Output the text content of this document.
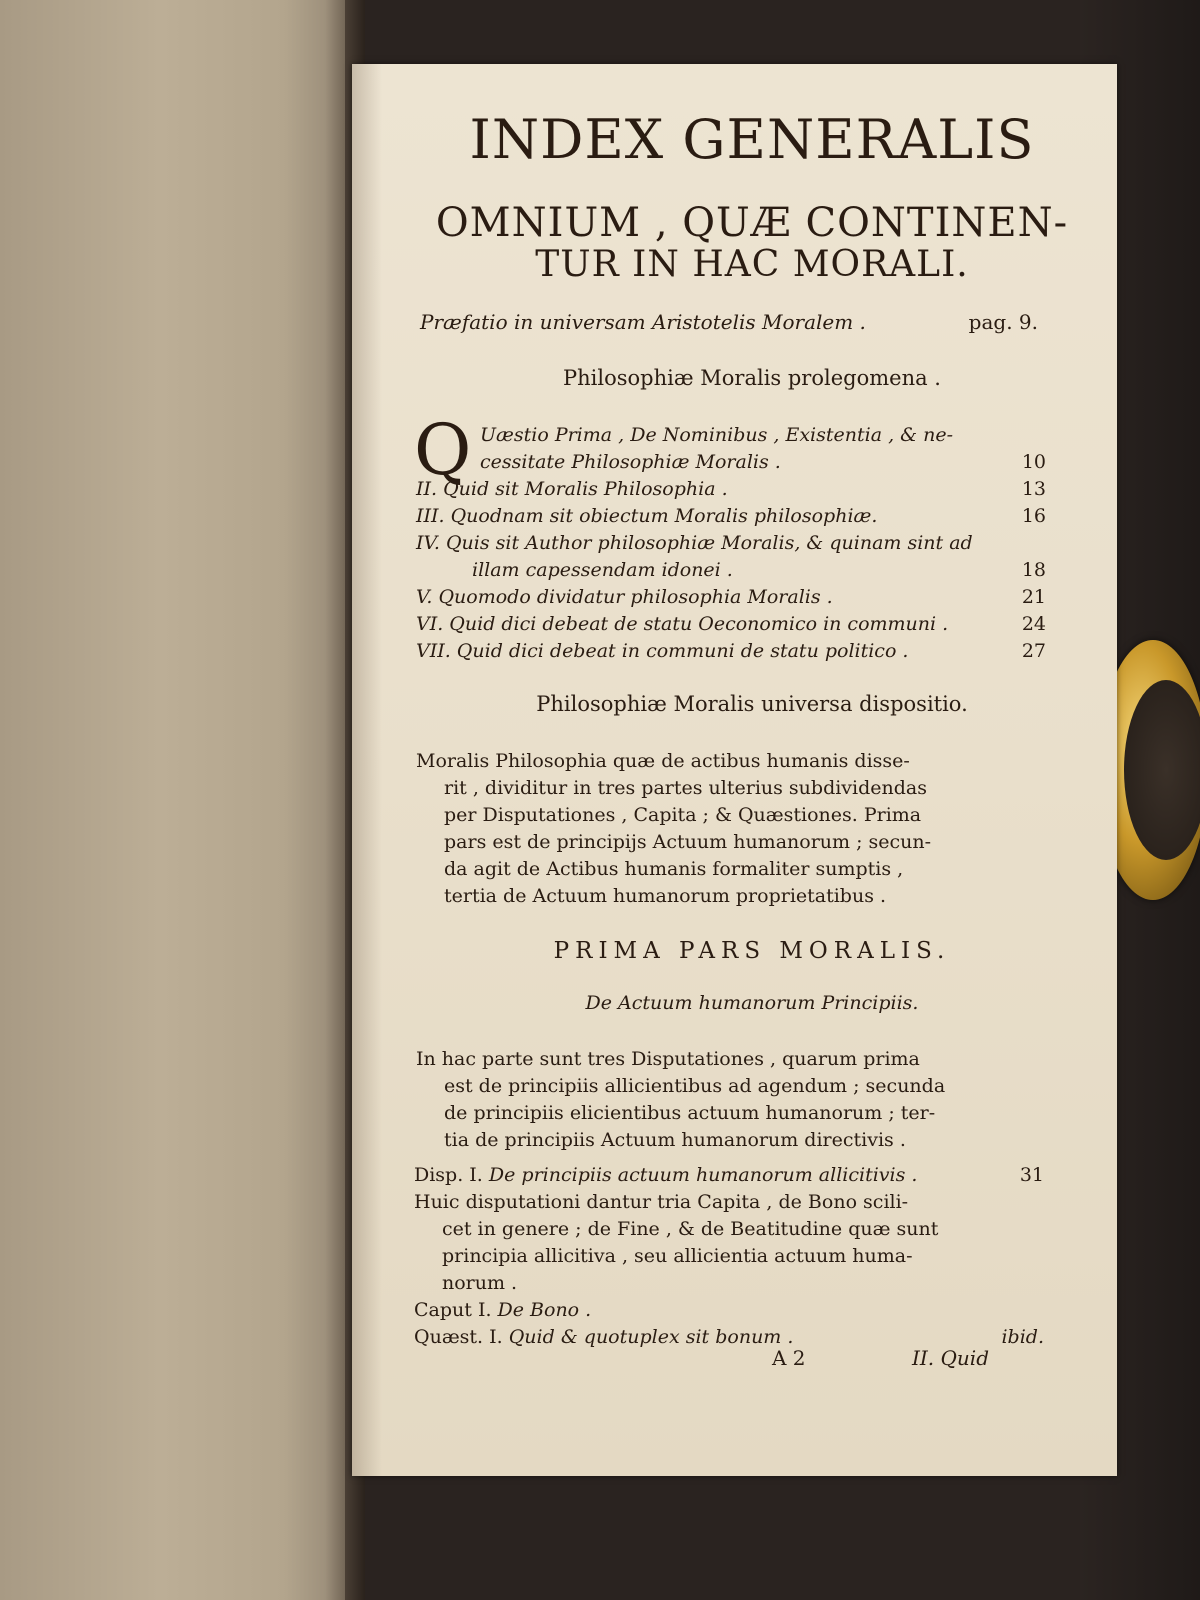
INDEX GENERALIS
OMNIUM , QUÆ CONTINEN-
TUR IN HAC MORALI.
Præfatio in universam Aristotelis Moralem .	pag. 9.
Philosophiæ Moralis prolegomena .
Q Uæstio Prima , De Nominibus , Existentia , & ne-
cessitate Philosophiæ Moralis .	10
II. Quid sit Moralis Philosophia .	13
III. Quodnam sit obiectum Moralis philosophiæ.	16
IV. Quis sit Author philosophiæ Moralis, & quinam sint ad
illam capessendam idonei .	18
V. Quomodo dividatur philosophia Moralis .	21
VI. Quid dici debeat de statu Oeconomico in communi .	24
VII. Quid dici debeat in communi de statu politico .	27
Philosophiæ Moralis universa dispositio.
Moralis Philosophia quæ de actibus humanis disse-
rit , dividitur in tres partes ulterius subdividendas
per Disputationes , Capita ; & Quæstiones. Prima
pars est de principijs Actuum humanorum ; secun-
da agit de Actibus humanis formaliter sumptis ,
tertia de Actuum humanorum proprietatibus .
PRIMA PARS MORALIS.
De Actuum humanorum Principiis.
In hac parte sunt tres Disputationes , quarum prima
est de principiis allicientibus ad agendum ; secunda
de principiis elicientibus actuum humanorum ; ter-
tia de principiis Actuum humanorum directivis .
Disp. I. De principiis actuum humanorum allicitivis .	31
Huic disputationi dantur tria Capita , de Bono scili-
cet in genere ; de Fine , & de Beatitudine quæ sunt
principia allicitiva , seu allicientia actuum huma-
norum .
Caput I. De Bono .
Quæst. I. Quid & quotuplex sit bonum .	ibid.
A 2	II. Quid
